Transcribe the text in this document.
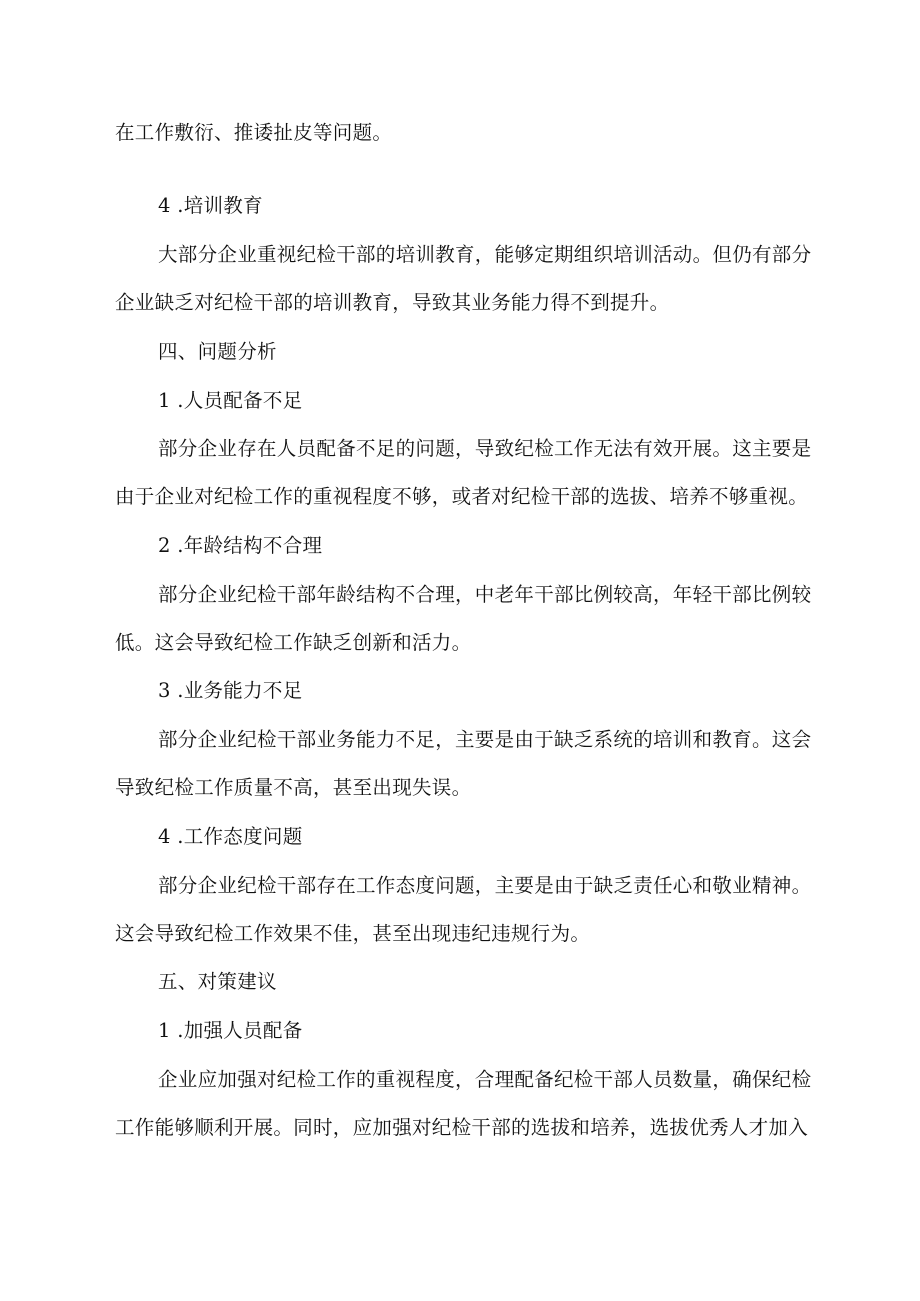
在工作敷衍、推诿扯皮等问题。
4 .培训教育
大部分企业重视纪检干部的培训教育，能够定期组织培训活动。但仍有部分
企业缺乏对纪检干部的培训教育，导致其业务能力得不到提升。
四、问题分析
1 .人员配备不足
部分企业存在人员配备不足的问题，导致纪检工作无法有效开展。这主要是
由于企业对纪检工作的重视程度不够，或者对纪检干部的选拔、培养不够重视。
2 .年龄结构不合理
部分企业纪检干部年龄结构不合理，中老年干部比例较高，年轻干部比例较
低。这会导致纪检工作缺乏创新和活力。
3 .业务能力不足
部分企业纪检干部业务能力不足，主要是由于缺乏系统的培训和教育。这会
导致纪检工作质量不高，甚至出现失误。
4 .工作态度问题
部分企业纪检干部存在工作态度问题，主要是由于缺乏责任心和敬业精神。
这会导致纪检工作效果不佳，甚至出现违纪违规行为。
五、对策建议
1 .加强人员配备
企业应加强对纪检工作的重视程度，合理配备纪检干部人员数量，确保纪检
工作能够顺利开展。同时，应加强对纪检干部的选拔和培养，选拔优秀人才加入
